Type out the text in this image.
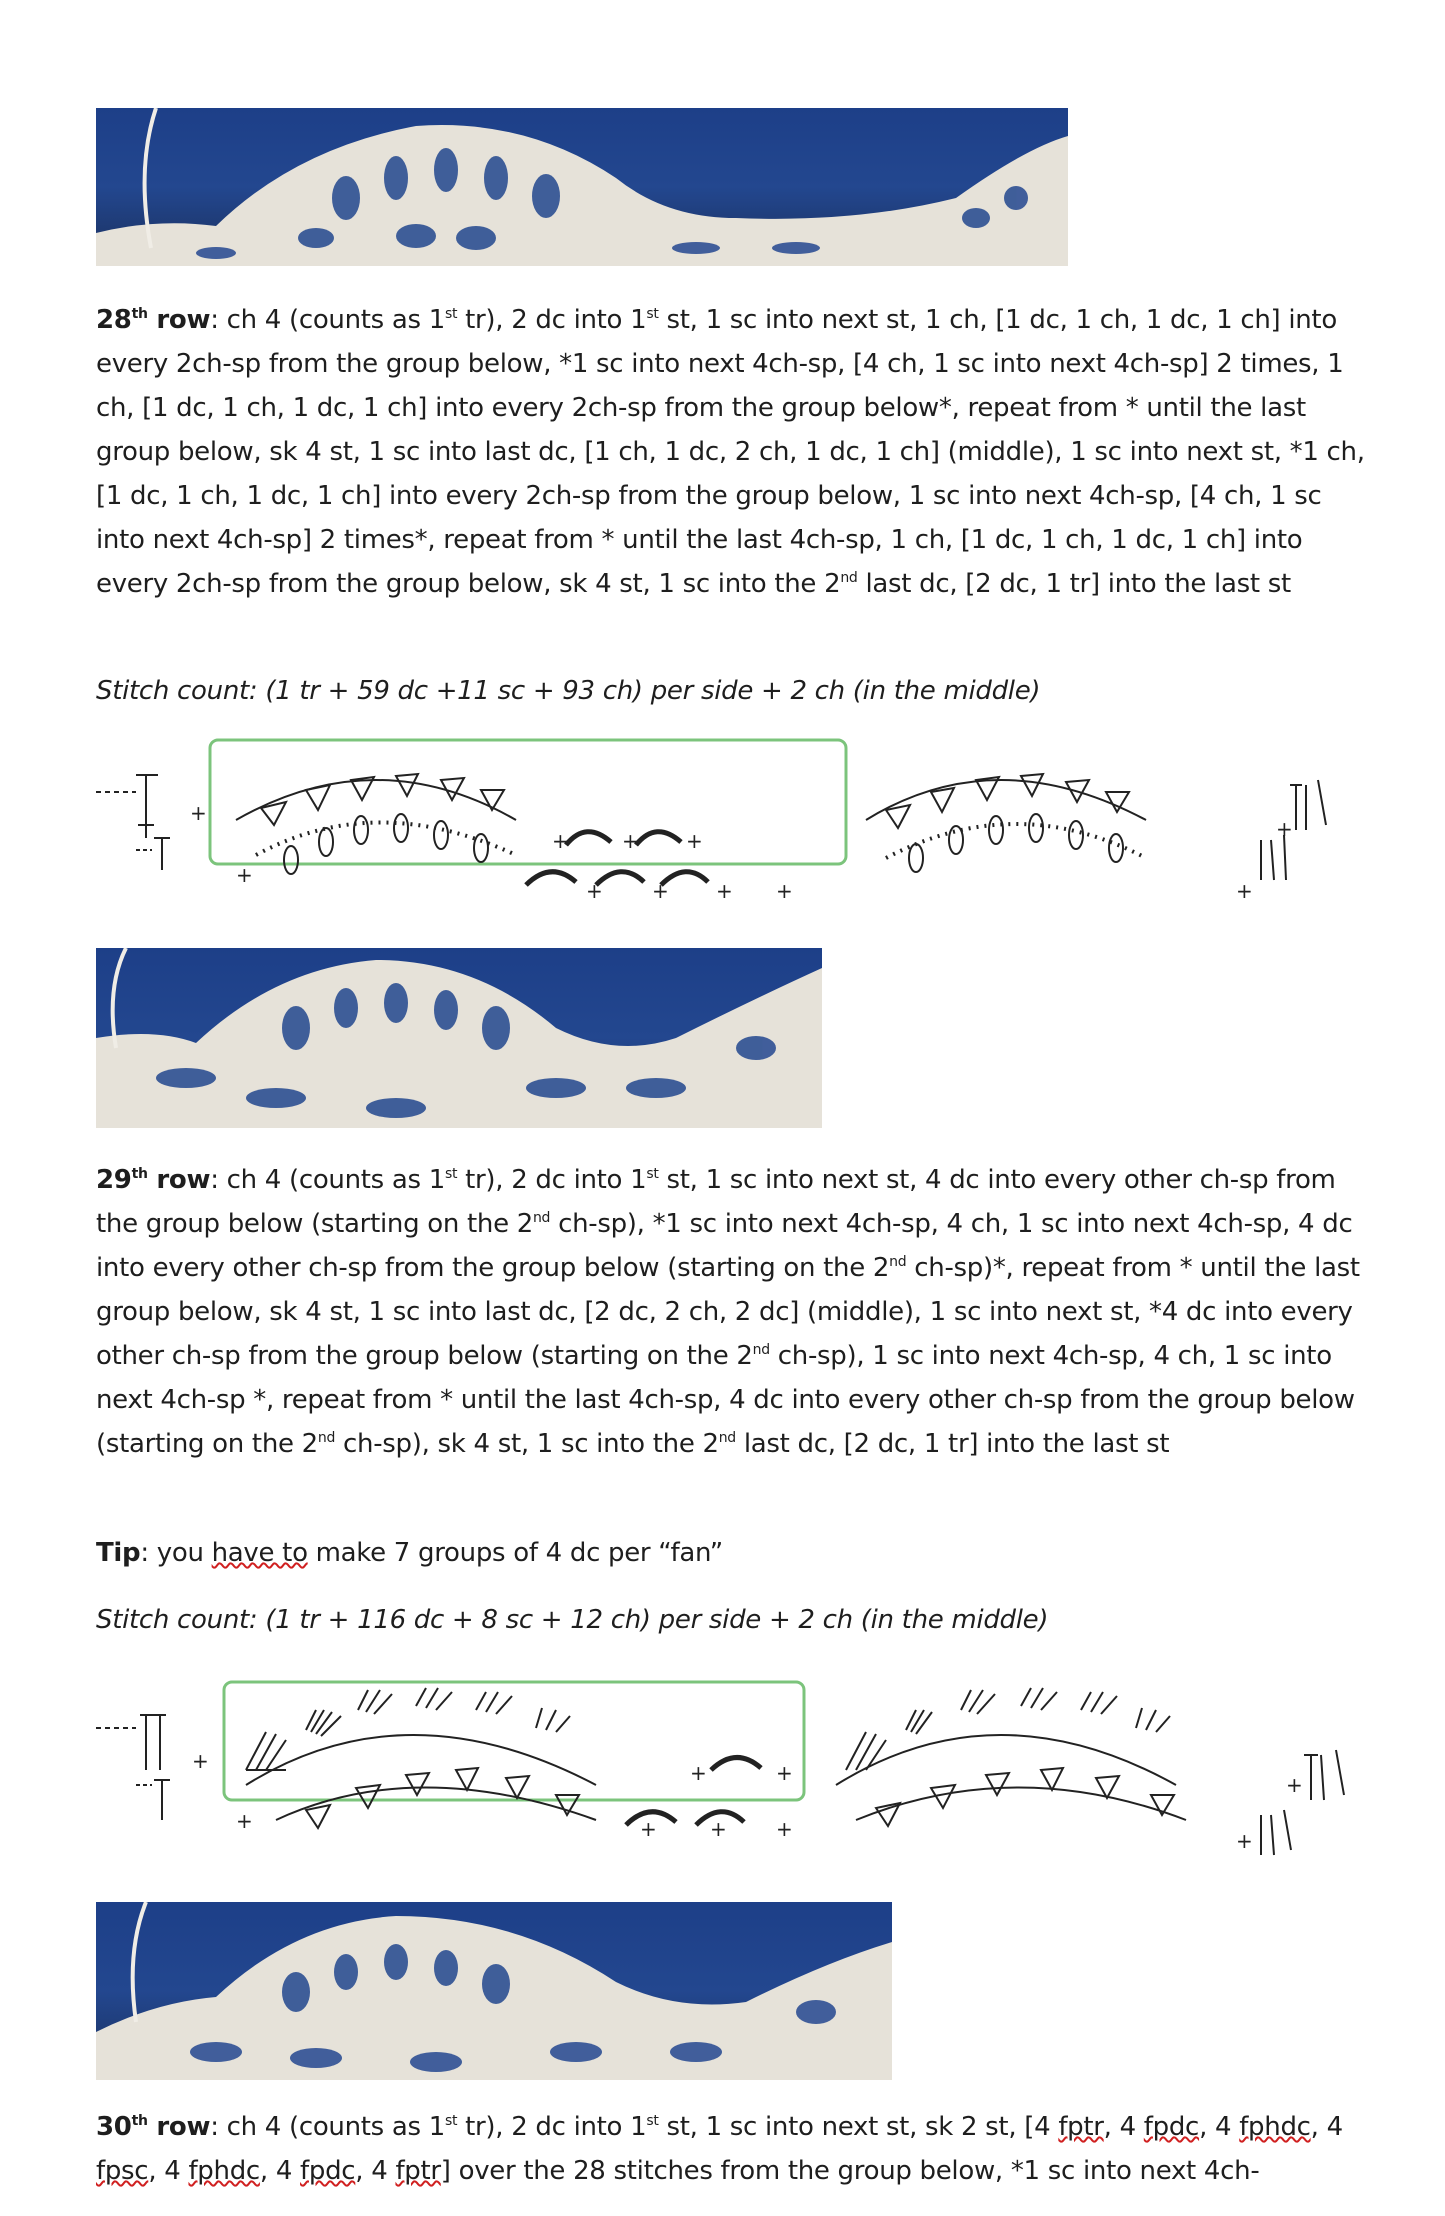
28th row: ch 4 (counts as 1st tr), 2 dc into 1st st, 1 sc into next st, 1 ch, [1 dc, 1 ch, 1 dc, 1 ch] into every 2ch-sp from the group below, *1 sc into next 4ch-sp, [4 ch, 1 sc into next 4ch-sp] 2 times, 1 ch, [1 dc, 1 ch, 1 dc, 1 ch] into every 2ch-sp from the group below*, repeat from * until the last group below, sk 4 st, 1 sc into last dc, [1 ch, 1 dc, 2 ch, 1 dc, 1 ch] (middle), 1 sc into next st, *1 ch, [1 dc, 1 ch, 1 dc, 1 ch] into every 2ch-sp from the group below, 1 sc into next 4ch-sp, [4 ch, 1 sc into next 4ch-sp] 2 times*, repeat from * until the last 4ch-sp, 1 ch, [1 dc, 1 ch, 1 dc, 1 ch] into every 2ch-sp from the group below, sk 4 st, 1 sc into the 2nd last dc, [2 dc, 1 tr] into the last st

Stitch count: (1 tr + 59 dc +11 sc + 93 ch) per side + 2 ch (in the middle)

+
+
+	+ +
+ + + +
+
+

29th row: ch 4 (counts as 1st tr), 2 dc into 1st st, 1 sc into next st, 4 dc into every other ch-sp from the group below (starting on the 2nd ch-sp), *1 sc into next 4ch-sp, 4 ch, 1 sc into next 4ch-sp, 4 dc into every other ch-sp from the group below (starting on the 2nd ch-sp)*, repeat from * until the last group below, sk 4 st, 1 sc into last dc, [2 dc, 2 ch, 2 dc] (middle), 1 sc into next st, *4 dc into every other ch-sp from the group below (starting on the 2nd ch-sp), 1 sc into next 4ch-sp, 4 ch, 1 sc into next 4ch-sp *, repeat from * until the last 4ch-sp, 4 dc into every other ch-sp from the group below (starting on the 2nd ch-sp), sk 4 st, 1 sc into the 2nd last dc, [2 dc, 1 tr] into the last st

Tip: you have to make 7 groups of 4 dc per “fan”

Stitch count: (1 tr + 116 dc + 8 sc + 12 ch) per side + 2 ch (in the middle)

+
+
+	+
+	+ +
+
+

30th row: ch 4 (counts as 1st tr), 2 dc into 1st st, 1 sc into next st, sk 2 st, [4 fptr, 4 fpdc, 4 fphdc, 4 fpsc, 4 fphdc, 4 fpdc, 4 fptr] over the 28 stitches from the group below, *1 sc into next 4ch-
